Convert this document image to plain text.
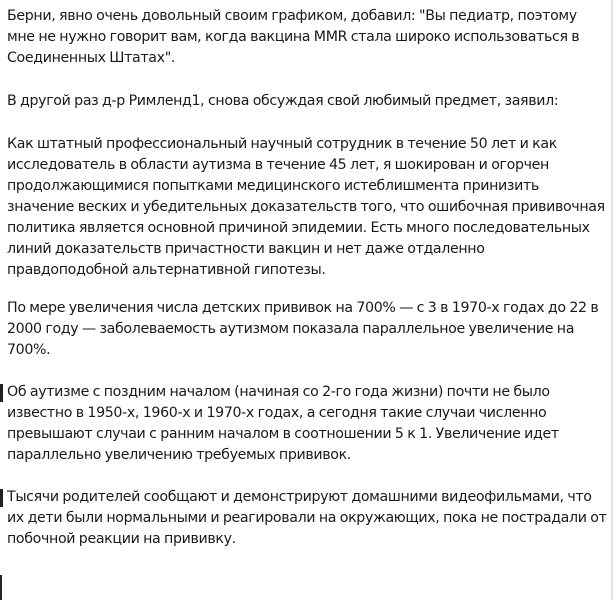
Берни, явно очень довольный своим графиком, добавил: "Вы педиатр, поэтому мне не нужно говорит вам, когда вакцина MMR стала широко использоваться в Соединенных Штатах".

В другой раз д-р Римленд1, снова обсуждая свой любимый предмет, заявил:

Как штатный профессиональный научный сотрудник в течение 50 лет и как исследователь в области аутизма в течение 45 лет, я шокирован и огорчен продолжающимися попытками медицинского истеблишмента принизить значение веских и убедительных доказательств того, что ошибочная прививочная политика является основной причиной эпидемии. Есть много последовательных линий доказательств причастности вакцин и нет даже отдаленно правдоподобной альтернативной гипотезы.

По мере увеличения числа детских прививок на 700% — с 3 в 1970-х годах до 22 в 2000 году — заболеваемость аутизмом показала параллельное увеличение на 700%.

Об аутизме с поздним началом (начиная со 2-го года жизни) почти не было известно в 1950-х, 1960-х и 1970-х годах, а сегодня такие случаи численно превышают случаи с ранним началом в соотношении 5 к 1. Увеличение идет параллельно увеличению требуемых прививок.

Тысячи родителей сообщают и демонстрируют домашними видеофильмами, что их дети были нормальными и реагировали на окружающих, пока не пострадали от побочной реакции на прививку.
